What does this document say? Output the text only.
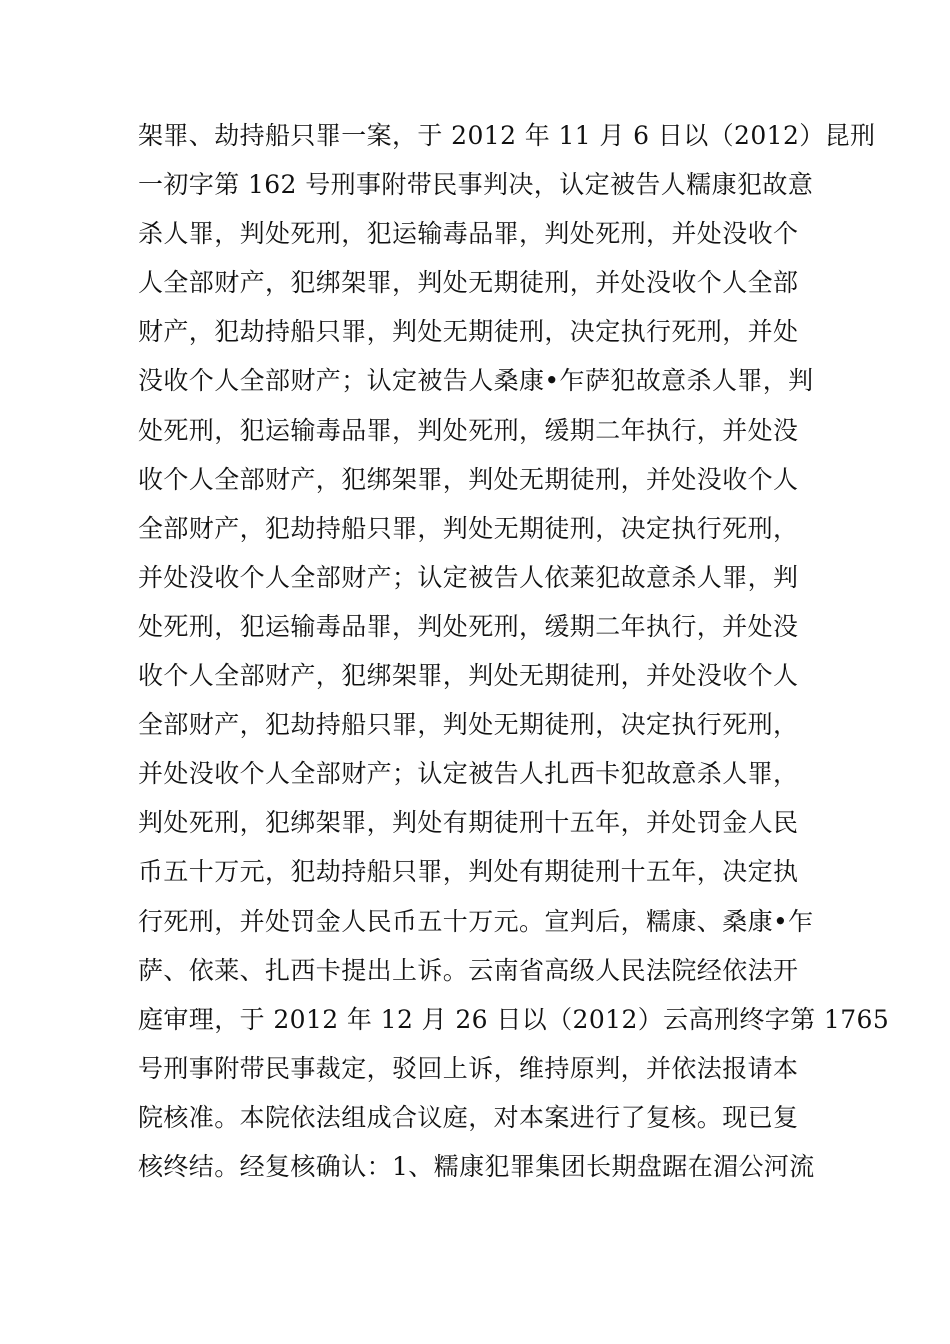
架罪、劫持船只罪一案，于 2012 年 11 月 6 日以（2012）昆刑
一初字第 162 号刑事附带民事判决，认定被告人糯康犯故意
杀人罪，判处死刑，犯运输毒品罪，判处死刑，并处没收个
人全部财产，犯绑架罪，判处无期徒刑，并处没收个人全部
财产，犯劫持船只罪，判处无期徒刑，决定执行死刑，并处
没收个人全部财产；认定被告人桑康•乍萨犯故意杀人罪，判
处死刑，犯运输毒品罪，判处死刑，缓期二年执行，并处没
收个人全部财产，犯绑架罪，判处无期徒刑，并处没收个人
全部财产，犯劫持船只罪，判处无期徒刑，决定执行死刑，
并处没收个人全部财产；认定被告人依莱犯故意杀人罪，判
处死刑，犯运输毒品罪，判处死刑，缓期二年执行，并处没
收个人全部财产，犯绑架罪，判处无期徒刑，并处没收个人
全部财产，犯劫持船只罪，判处无期徒刑，决定执行死刑，
并处没收个人全部财产；认定被告人扎西卡犯故意杀人罪，
判处死刑，犯绑架罪，判处有期徒刑十五年，并处罚金人民
币五十万元，犯劫持船只罪，判处有期徒刑十五年，决定执
行死刑，并处罚金人民币五十万元。宣判后，糯康、桑康•乍
萨、依莱、扎西卡提出上诉。云南省高级人民法院经依法开
庭审理，于 2012 年 12 月 26 日以（2012）云高刑终字第 1765
号刑事附带民事裁定，驳回上诉，维持原判，并依法报请本
院核准。本院依法组成合议庭，对本案进行了复核。现已复
核终结。经复核确认：1、糯康犯罪集团长期盘踞在湄公河流
